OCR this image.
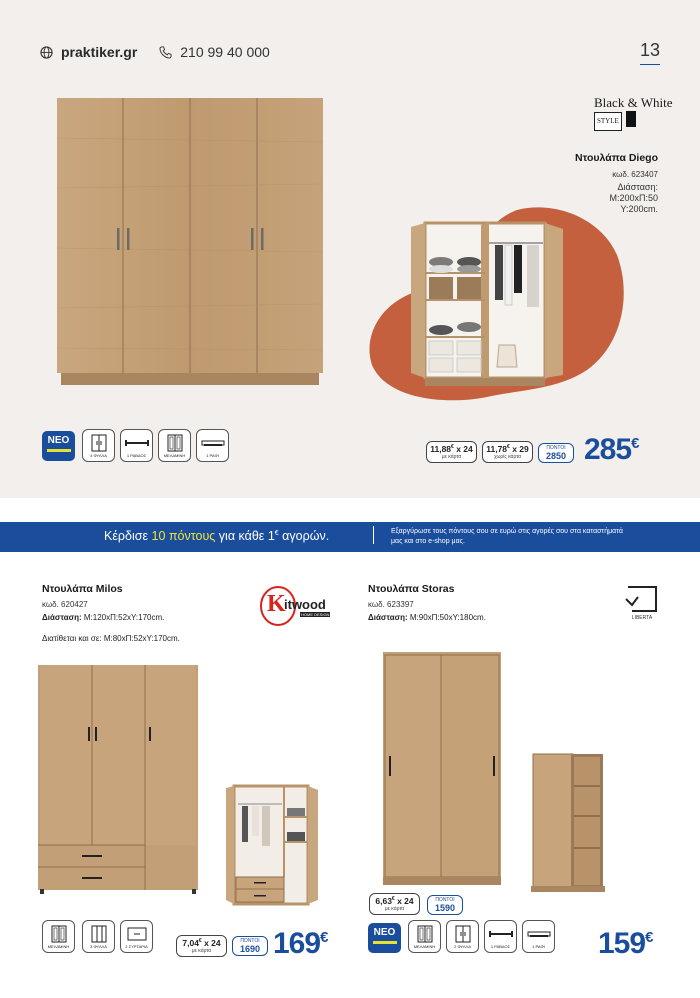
praktiker.gr	210 99 40 000	13
Black & White
STYLE
Ντουλάπα Diego
κωδ. 623407
Διάσταση:
M:200xΠ:50
Y:200cm.
ΝΕΟ
4 ΦΥΛΛΑ	1 ΡΑΒΔΟΣ	ΜΕΛΑΜΙΝΗ	1 ΡΑΦΙ
11,88€ x 24
με κάρτα
11,78€ x 29
χωρίς κάρτα
ΠΟΝΤΟΙ
2850 285€
Κέρδισε 10 πόντους για κάθε 1€ αγορών.	Εξαργύρωσε τους πόντους σου σε ευρώ στις αγορές σου στα καταστήματά μας και στο e-shop μας.
Ντουλάπα Milos
κωδ. 620427
Διάσταση: M:120xΠ:52xY:170cm.
Διατίθεται και σε: M:80xΠ:52xY:170cm.
K
itwood
HOME DESIGN
ΜΕΛΑΜΙΝΗ	3 ΦΥΛΛΑ	2 ΣΥΡΤΑΡΙΑ	7,04€ x 24
με κάρτα
ΠΟΝΤΟΙ
1690 169€
Ντουλάπα Storas
κωδ. 623397
Διάσταση: M:90xΠ:50xY:180cm.	LIBERTA
6,63€ x 24
με κάρτα
ΠΟΝΤΟΙ
1590
ΝΕΟ
ΜΕΛΑΜΙΝΗ	2 ΦΥΛΛΑ	1 ΡΑΒΔΟΣ	1 ΡΑΦΙ	159€
